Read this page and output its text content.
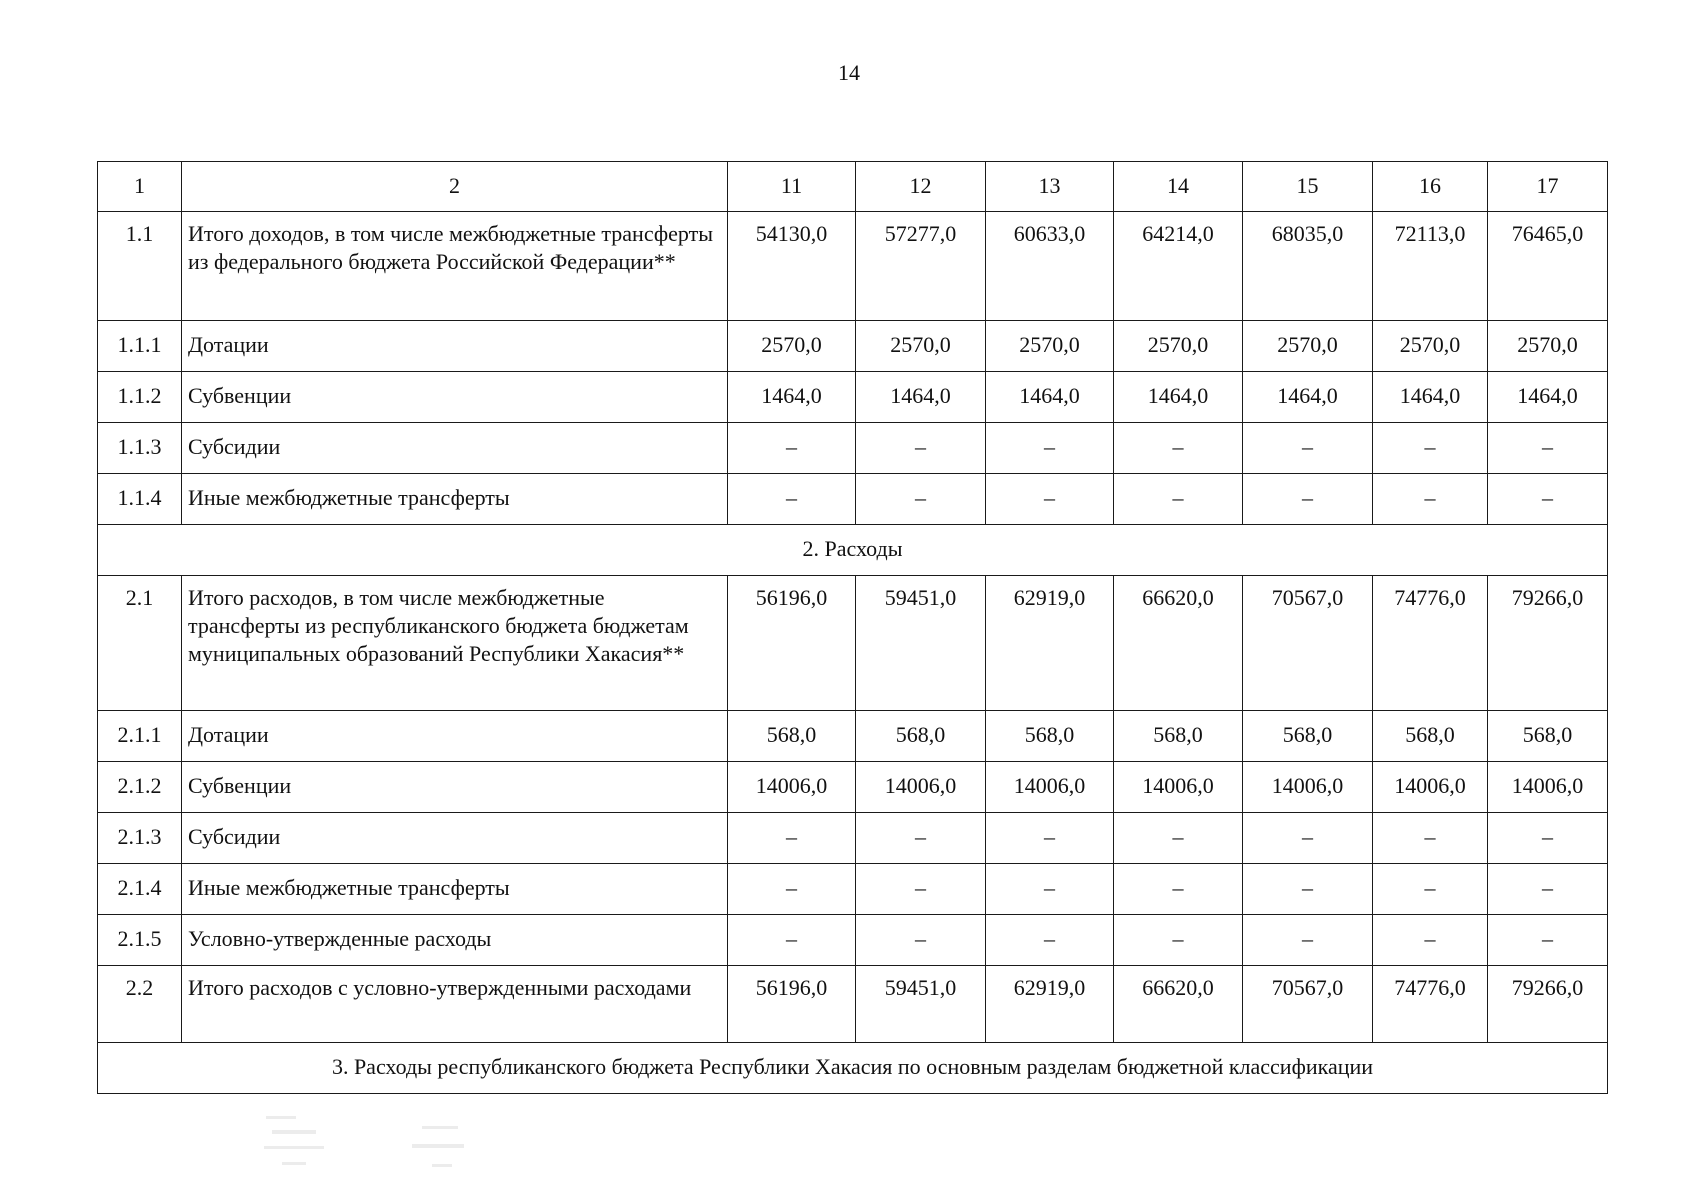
14
1	2	11	12	13	14	15	16	17
1.1	Итого доходов, в том числе межбюджетные трансферты из федерального бюджета Российской Федерации**	54130,0	57277,0	60633,0	64214,0	68035,0	72113,0	76465,0
1.1.1	Дотации	2570,0	2570,0	2570,0	2570,0	2570,0	2570,0	2570,0
1.1.2	Субвенции	1464,0	1464,0	1464,0	1464,0	1464,0	1464,0	1464,0
1.1.3	Субсидии	–	–	–	–	–	–	–
1.1.4	Иные межбюджетные трансферты	–	–	–	–	–	–	–
2. Расходы								
2.1	Итого расходов, в том числе межбюджетные трансферты из республиканского бюджета бюджетам муниципальных образований Республики Хакасия**	56196,0	59451,0	62919,0	66620,0	70567,0	74776,0	79266,0
2.1.1	Дотации	568,0	568,0	568,0	568,0	568,0	568,0	568,0
2.1.2	Субвенции	14006,0	14006,0	14006,0	14006,0	14006,0	14006,0	14006,0
2.1.3	Субсидии	–	–	–	–	–	–	–
2.1.4	Иные межбюджетные трансферты	–	–	–	–	–	–	–
2.1.5	Условно-утвержденные расходы	–	–	–	–	–	–	–
2.2	Итого расходов с условно-утвержденными расходами	56196,0	59451,0	62919,0	66620,0	70567,0	74776,0	79266,0
3. Расходы республиканского бюджета Республики Хакасия по основным разделам бюджетной классификации								
